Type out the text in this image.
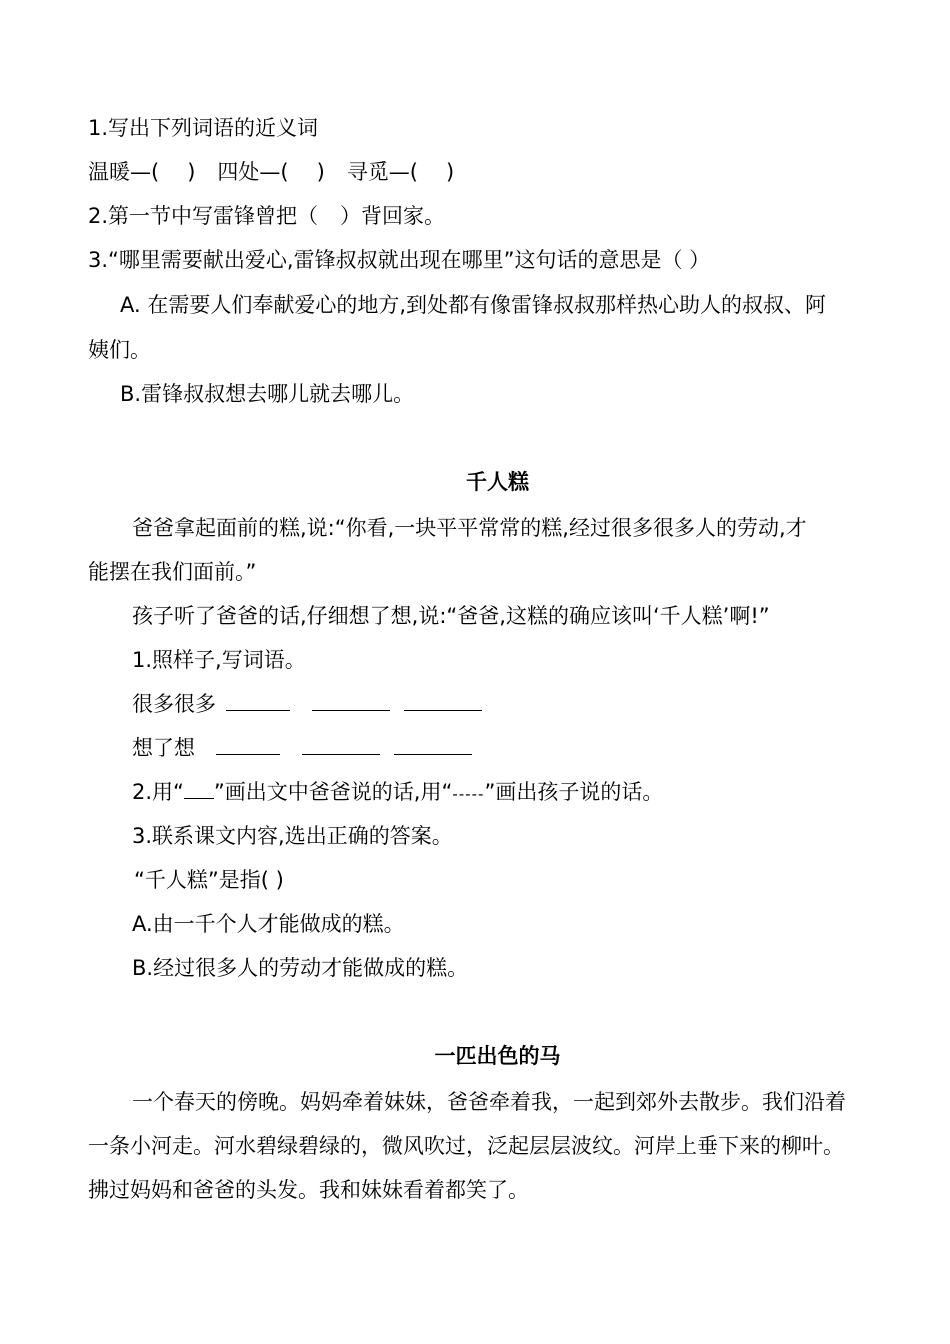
1.写出下列词语的近义词

温暖—( ) 四处—( ) 寻觅—( )

2.第一节中写雷锋曾把（ ）背回家。

3.“哪里需要献出爱心,雷锋叔叔就出现在哪里”这句话的意思是（ ）

A. 在需要人们奉献爱心的地方,到处都有像雷锋叔叔那样热心助人的叔叔、阿

姨们。

B.雷锋叔叔想去哪儿就去哪儿。

千人糕

爸爸拿起面前的糕,说:“你看,一块平平常常的糕,经过很多很多人的劳动,才

能摆在我们面前。”

孩子听了爸爸的话,仔细想了想,说:“爸爸,这糕的确应该叫‘千人糕’啊!”

1.照样子,写词语。

很多很多

想了想

2.用“ ”画出文中爸爸说的话,用“-----”画出孩子说的话。

3.联系课文内容,选出正确的答案。

“千人糕”是指( )

A.由一千个人才能做成的糕。

B.经过很多人的劳动才能做成的糕。

一匹出色的马

一个春天的傍晚。妈妈牵着妹妹，爸爸牵着我，一起到郊外去散步。我们沿着

一条小河走。河水碧绿碧绿的，微风吹过，泛起层层波纹。河岸上垂下来的柳叶。

拂过妈妈和爸爸的头发。我和妹妹看着都笑了。
